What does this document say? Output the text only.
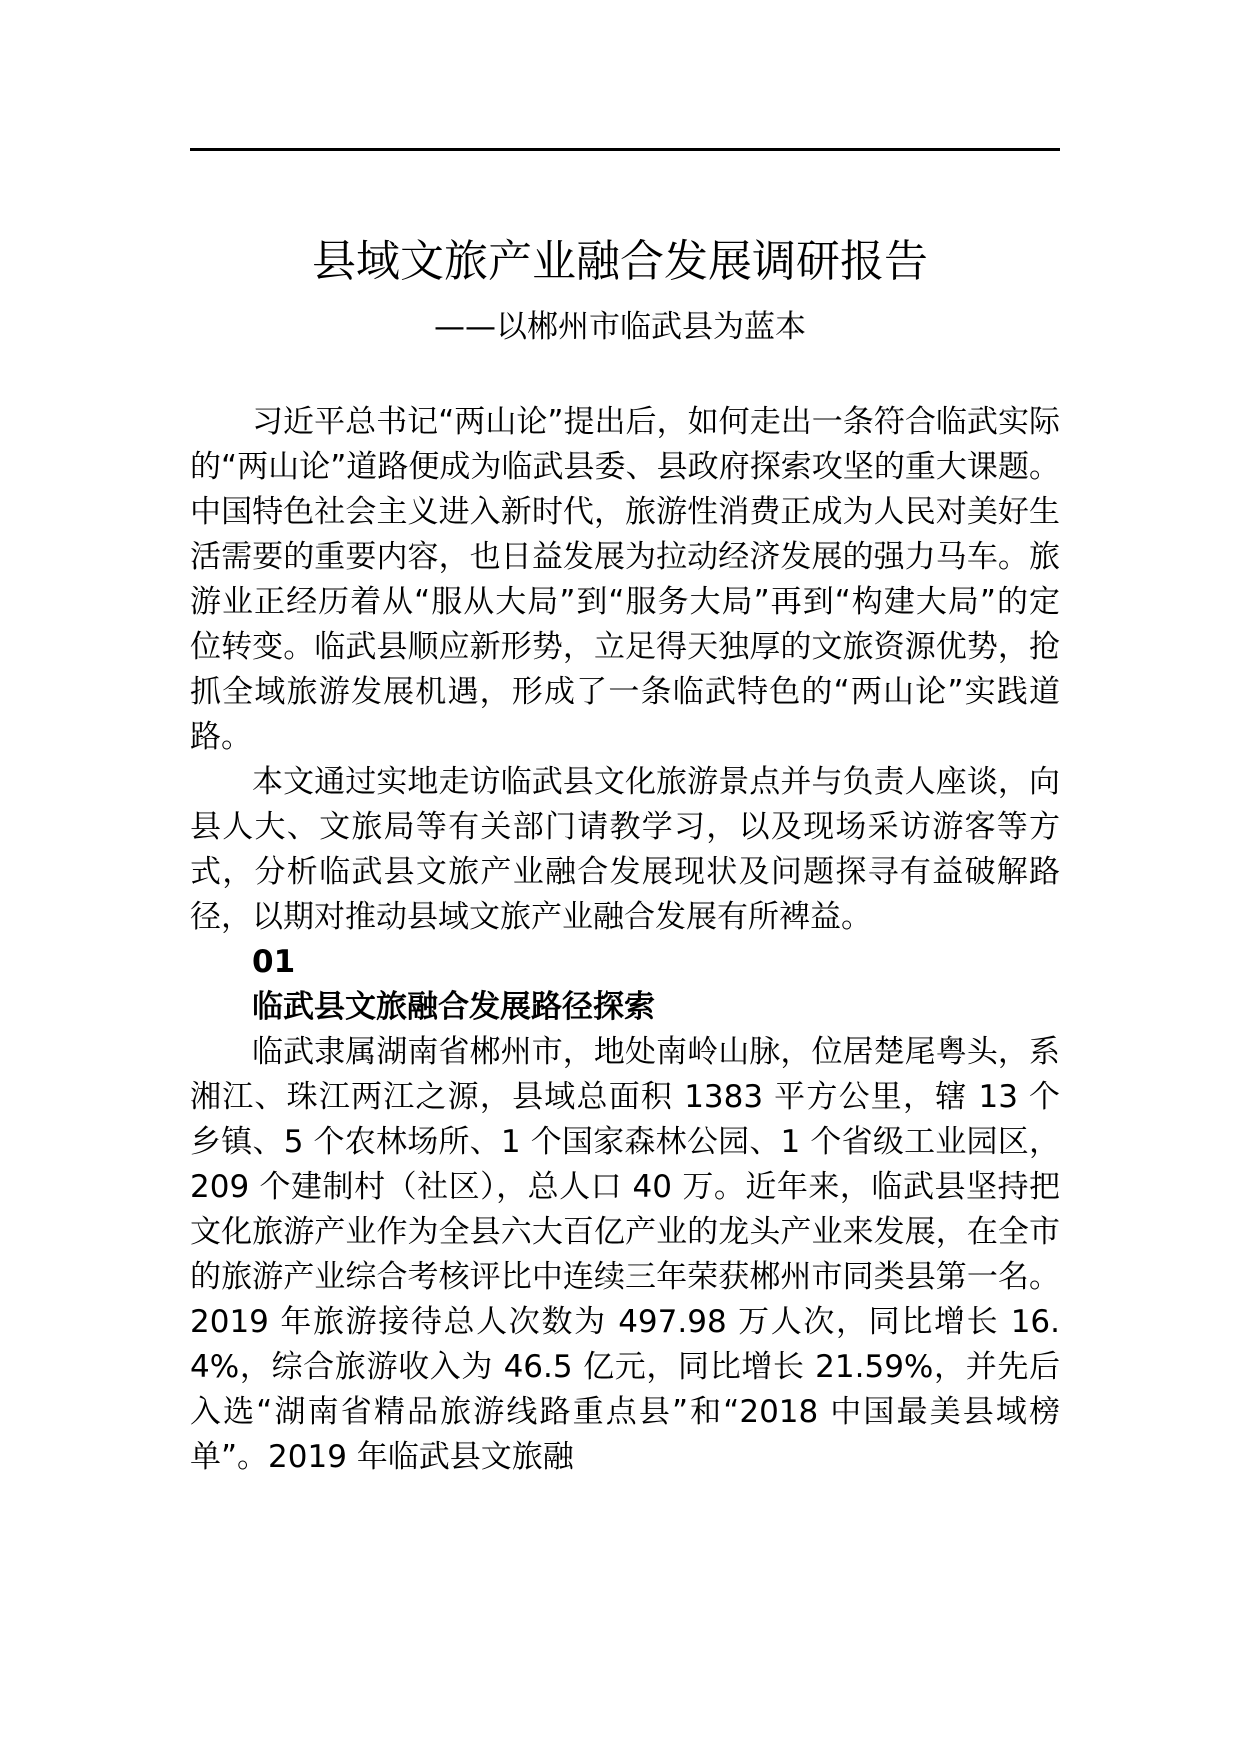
县域文旅产业融合发展调研报告

——以郴州市临武县为蓝本

习近平总书记“两山论”提出后，如何走出一条符合临武实际的“两山论”道路便成为临武县委、县政府探索攻坚的重大课题。中国特色社会主义进入新时代，旅游性消费正成为人民对美好生活需要的重要内容，也日益发展为拉动经济发展的强力马车。旅游业正经历着从“服从大局”到“服务大局”再到“构建大局”的定位转变。临武县顺应新形势，立足得天独厚的文旅资源优势，抢抓全域旅游发展机遇，形成了一条临武特色的“两山论”实践道路。

本文通过实地走访临武县文化旅游景点并与负责人座谈，向县人大、文旅局等有关部门请教学习，以及现场采访游客等方式，分析临武县文旅产业融合发展现状及问题探寻有益破解路径，以期对推动县域文旅产业融合发展有所裨益。

01

临武县文旅融合发展路径探索

临武隶属湖南省郴州市，地处南岭山脉，位居楚尾粤头，系湘江、珠江两江之源，县域总面积 1383 平方公里，辖 13 个乡镇、5 个农林场所、1 个国家森林公园、1 个省级工业园区，209 个建制村（社区），总人口 40 万。近年来，临武县坚持把文化旅游产业作为全县六大百亿产业的龙头产业来发展，在全市的旅游产业综合考核评比中连续三年荣获郴州市同类县第一名。2019 年旅游接待总人次数为 497.98 万人次，同比增长 16.4%，综合旅游收入为 46.5 亿元，同比增长 21.59%，并先后入选“湖南省精品旅游线路重点县”和“2018 中国最美县域榜单”。2019 年临武县文旅融
